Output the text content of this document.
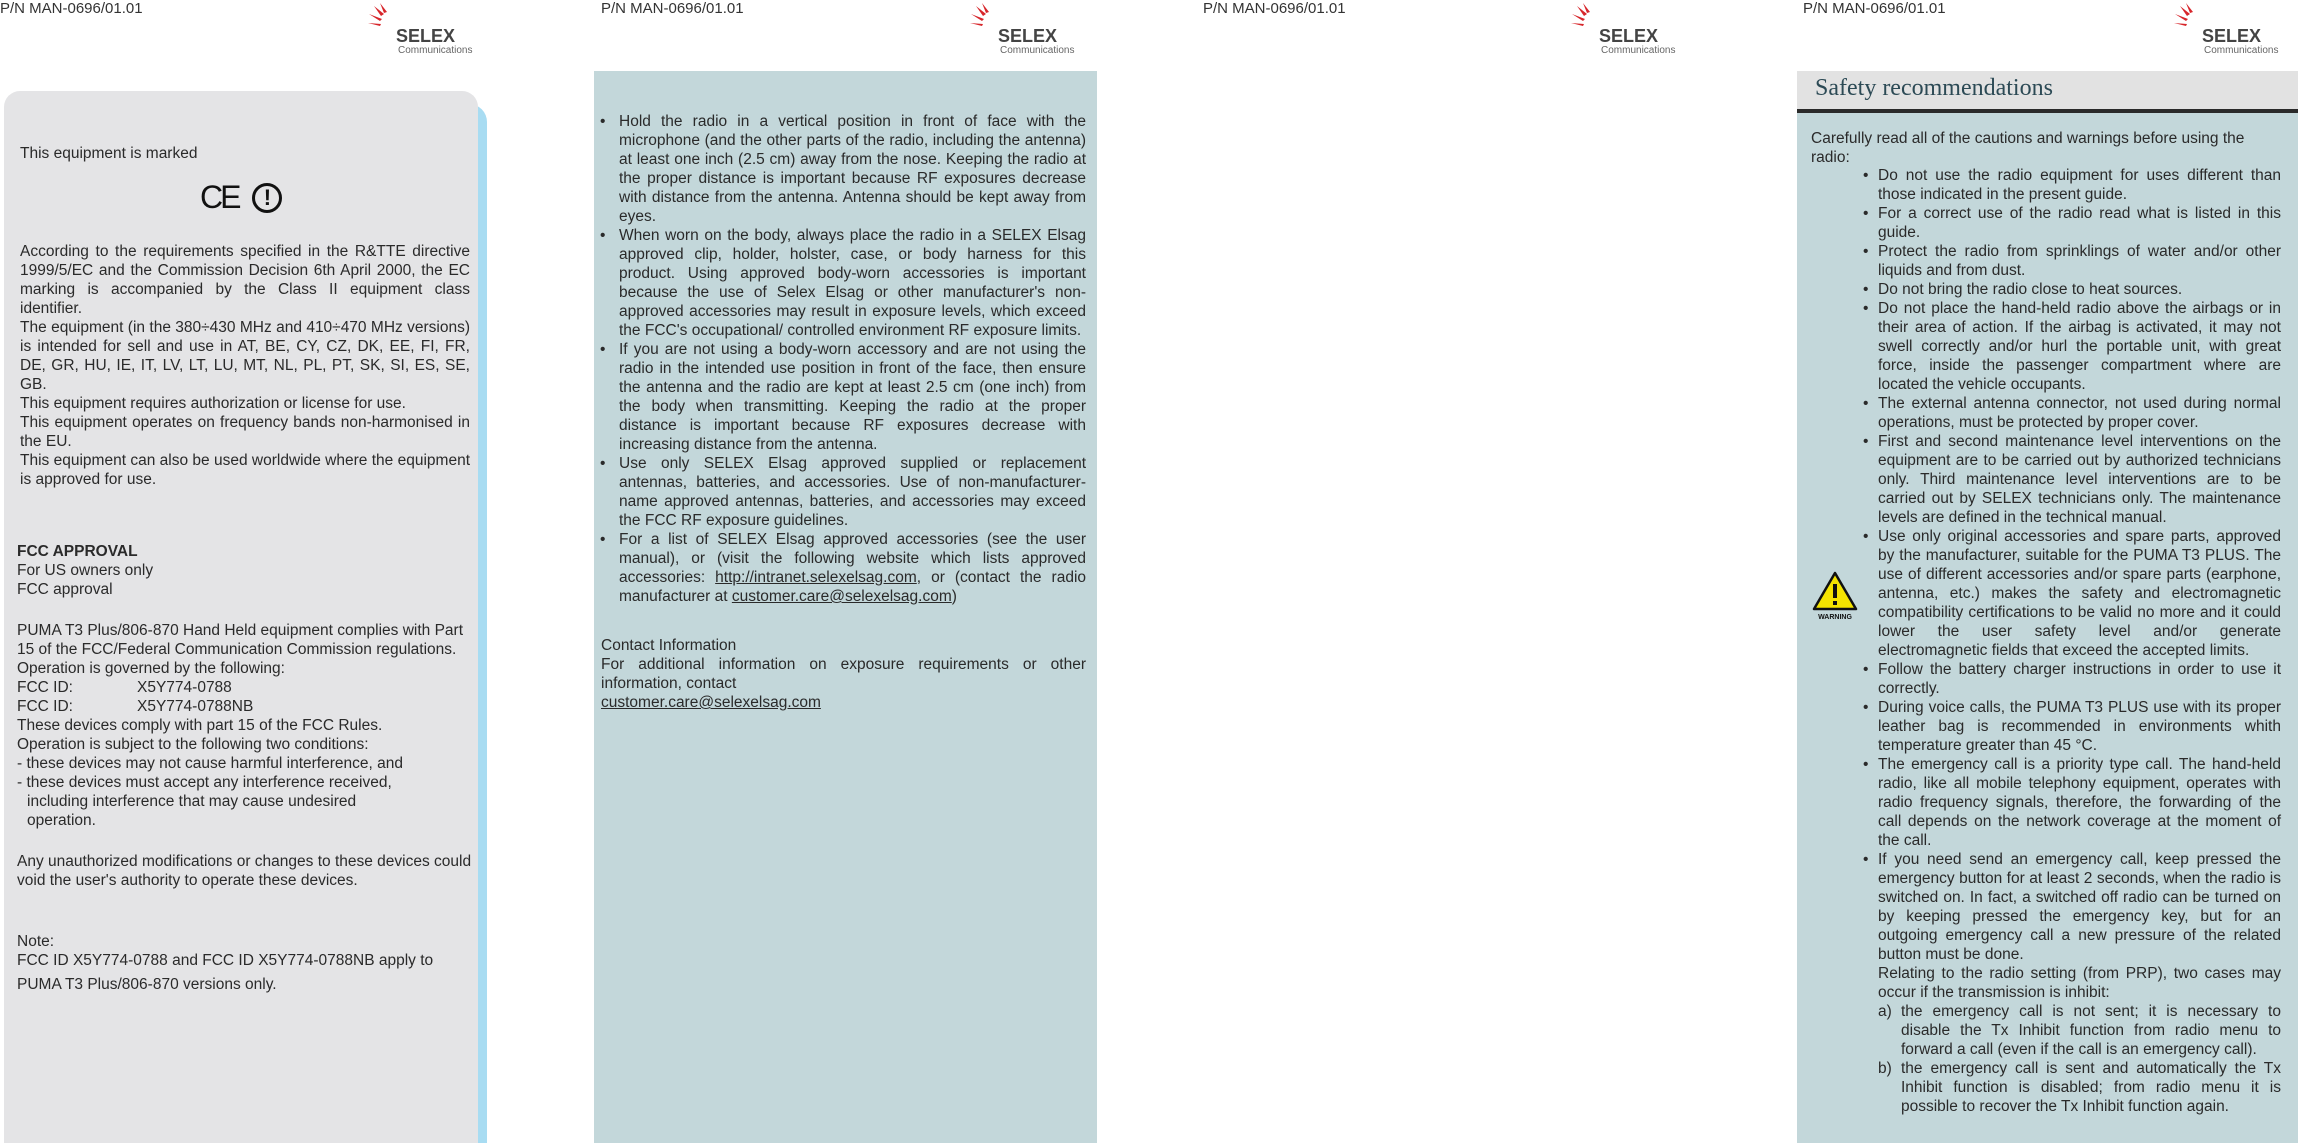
P/N MAN-0696/01.01	P/N MAN-0696/01.01	P/N MAN-0696/01.01	P/N MAN-0696/01.01
SELEX
Communications
SELEX
Communications
SELEX
Communications
SELEX
Communications
This equipment is marked
CE	!
According to the requirements specified in the R&TTE directive 1999/5/EC and the Commission Decision 6th April 2000, the EC marking is accompanied by the Class II equipment class identifier.
The equipment (in the 380÷430 MHz and 410÷470 MHz versions) is intended for sell and use in AT, BE, CY, CZ, DK, EE, FI, FR, DE, GR, HU, IE, IT, LV, LT, LU, MT, NL, PL, PT, SK, SI, ES, SE, GB.
This equipment requires authorization or license for use.
This equipment operates on frequency bands non-harmonised in the EU.
This equipment can also be used worldwide where the equipment is approved for use.
FCC APPROVAL
For US owners only
FCC approval
PUMA T3 Plus/806-870 Hand Held equipment complies with Part 15 of the FCC/Federal Communication Commission regulations.
Operation is governed by the following:
FCC ID:	X5Y774-0788
FCC ID:	X5Y774-0788NB
These devices comply with part 15 of the FCC Rules.
Operation is subject to the following two conditions:
- these devices may not cause harmful interference, and
- these devices must accept any interference received,
including interference that may cause undesired
operation.
Any unauthorized modifications or changes to these devices could void the user's authority to operate these devices.
Note:
FCC ID X5Y774-0788 and FCC ID X5Y774-0788NB apply to
PUMA T3 Plus/806-870 versions only.
• Hold the radio in a vertical position in front of face with the microphone (and the other parts of the radio, including the antenna) at least one inch (2.5 cm) away from the nose. Keeping the radio at the proper distance is important because RF exposures decrease with distance from the antenna. Antenna should be kept away from eyes.
• When worn on the body, always place the radio in a SELEX Elsag approved clip, holder, holster, case, or body harness for this product. Using approved body-worn accessories is important because the use of Selex Elsag or other manufacturer's non-approved accessories may result in exposure levels, which exceed the FCC's occupational/ controlled environment RF exposure limits.
• If you are not using a body-worn accessory and are not using the radio in the intended use position in front of the face, then ensure the antenna and the radio are kept at least 2.5 cm (one inch) from the body when transmitting. Keeping the radio at the proper distance is important because RF exposures decrease with increasing distance from the antenna.
• Use only SELEX Elsag approved supplied or replacement antennas, batteries, and accessories. Use of non-manufacturer-name approved antennas, batteries, and accessories may exceed the FCC RF exposure guidelines.
• For a list of SELEX Elsag approved accessories (see the user manual), or (visit the following website which lists approved accessories: http://intranet.selexelsag.com, or (contact the radio manufacturer at customer.care@selexelsag.com)
Contact Information
For additional information on exposure requirements or other information, contact
customer.care@selexelsag.com
Safety recommendations
Carefully read all of the cautions and warnings before using the radio:
WARNING
• Do not use the radio equipment for uses different than those indicated in the present guide.
• For a correct use of the radio read what is listed in this guide.
• Protect the radio from sprinklings of water and/or other liquids and from dust.
• Do not bring the radio close to heat sources.
• Do not place the hand-held radio above the airbags or in their area of action. If the airbag is activated, it may not swell correctly and/or hurl the portable unit, with great force, inside the passenger compartment where are located the vehicle occupants.
• The external antenna connector, not used during normal operations, must be protected by proper cover.
• First and second maintenance level interventions on the equipment are to be carried out by authorized technicians only. Third maintenance level interventions are to be carried out by SELEX technicians only. The maintenance levels are defined in the technical manual.
• Use only original accessories and spare parts, approved by the manufacturer, suitable for the PUMA T3 PLUS. The use of different accessories and/or spare parts (earphone, antenna, etc.) makes the safety and electromagnetic compatibility certifications to be valid no more and it could lower the user safety level and/or generate electromagnetic fields that exceed the accepted limits.
• Follow the battery charger instructions in order to use it correctly.
• During voice calls, the PUMA T3 PLUS use with its proper leather bag is recommended in environments whith temperature greater than 45 °C.
• The emergency call is a priority type call. The hand-held radio, like all mobile telephony equipment, operates with radio frequency signals, therefore, the forwarding of the call depends on the network coverage at the moment of the call.
• If you need send an emergency call, keep pressed the emergency button for at least 2 seconds, when the radio is switched on. In fact, a switched off radio can be turned on by keeping pressed the emergency key, but for an outgoing emergency call a new pressure of the related button must be done.
Relating to the radio setting (from PRP), two cases may occur if the transmission is inhibit:
a) the emergency call is not sent; it is necessary to disable the Tx Inhibit function from radio menu to forward a call (even if the call is an emergency call).
b) the emergency call is sent and automatically the Tx Inhibit function is disabled; from radio menu it is possible to recover the Tx Inhibit function again.
